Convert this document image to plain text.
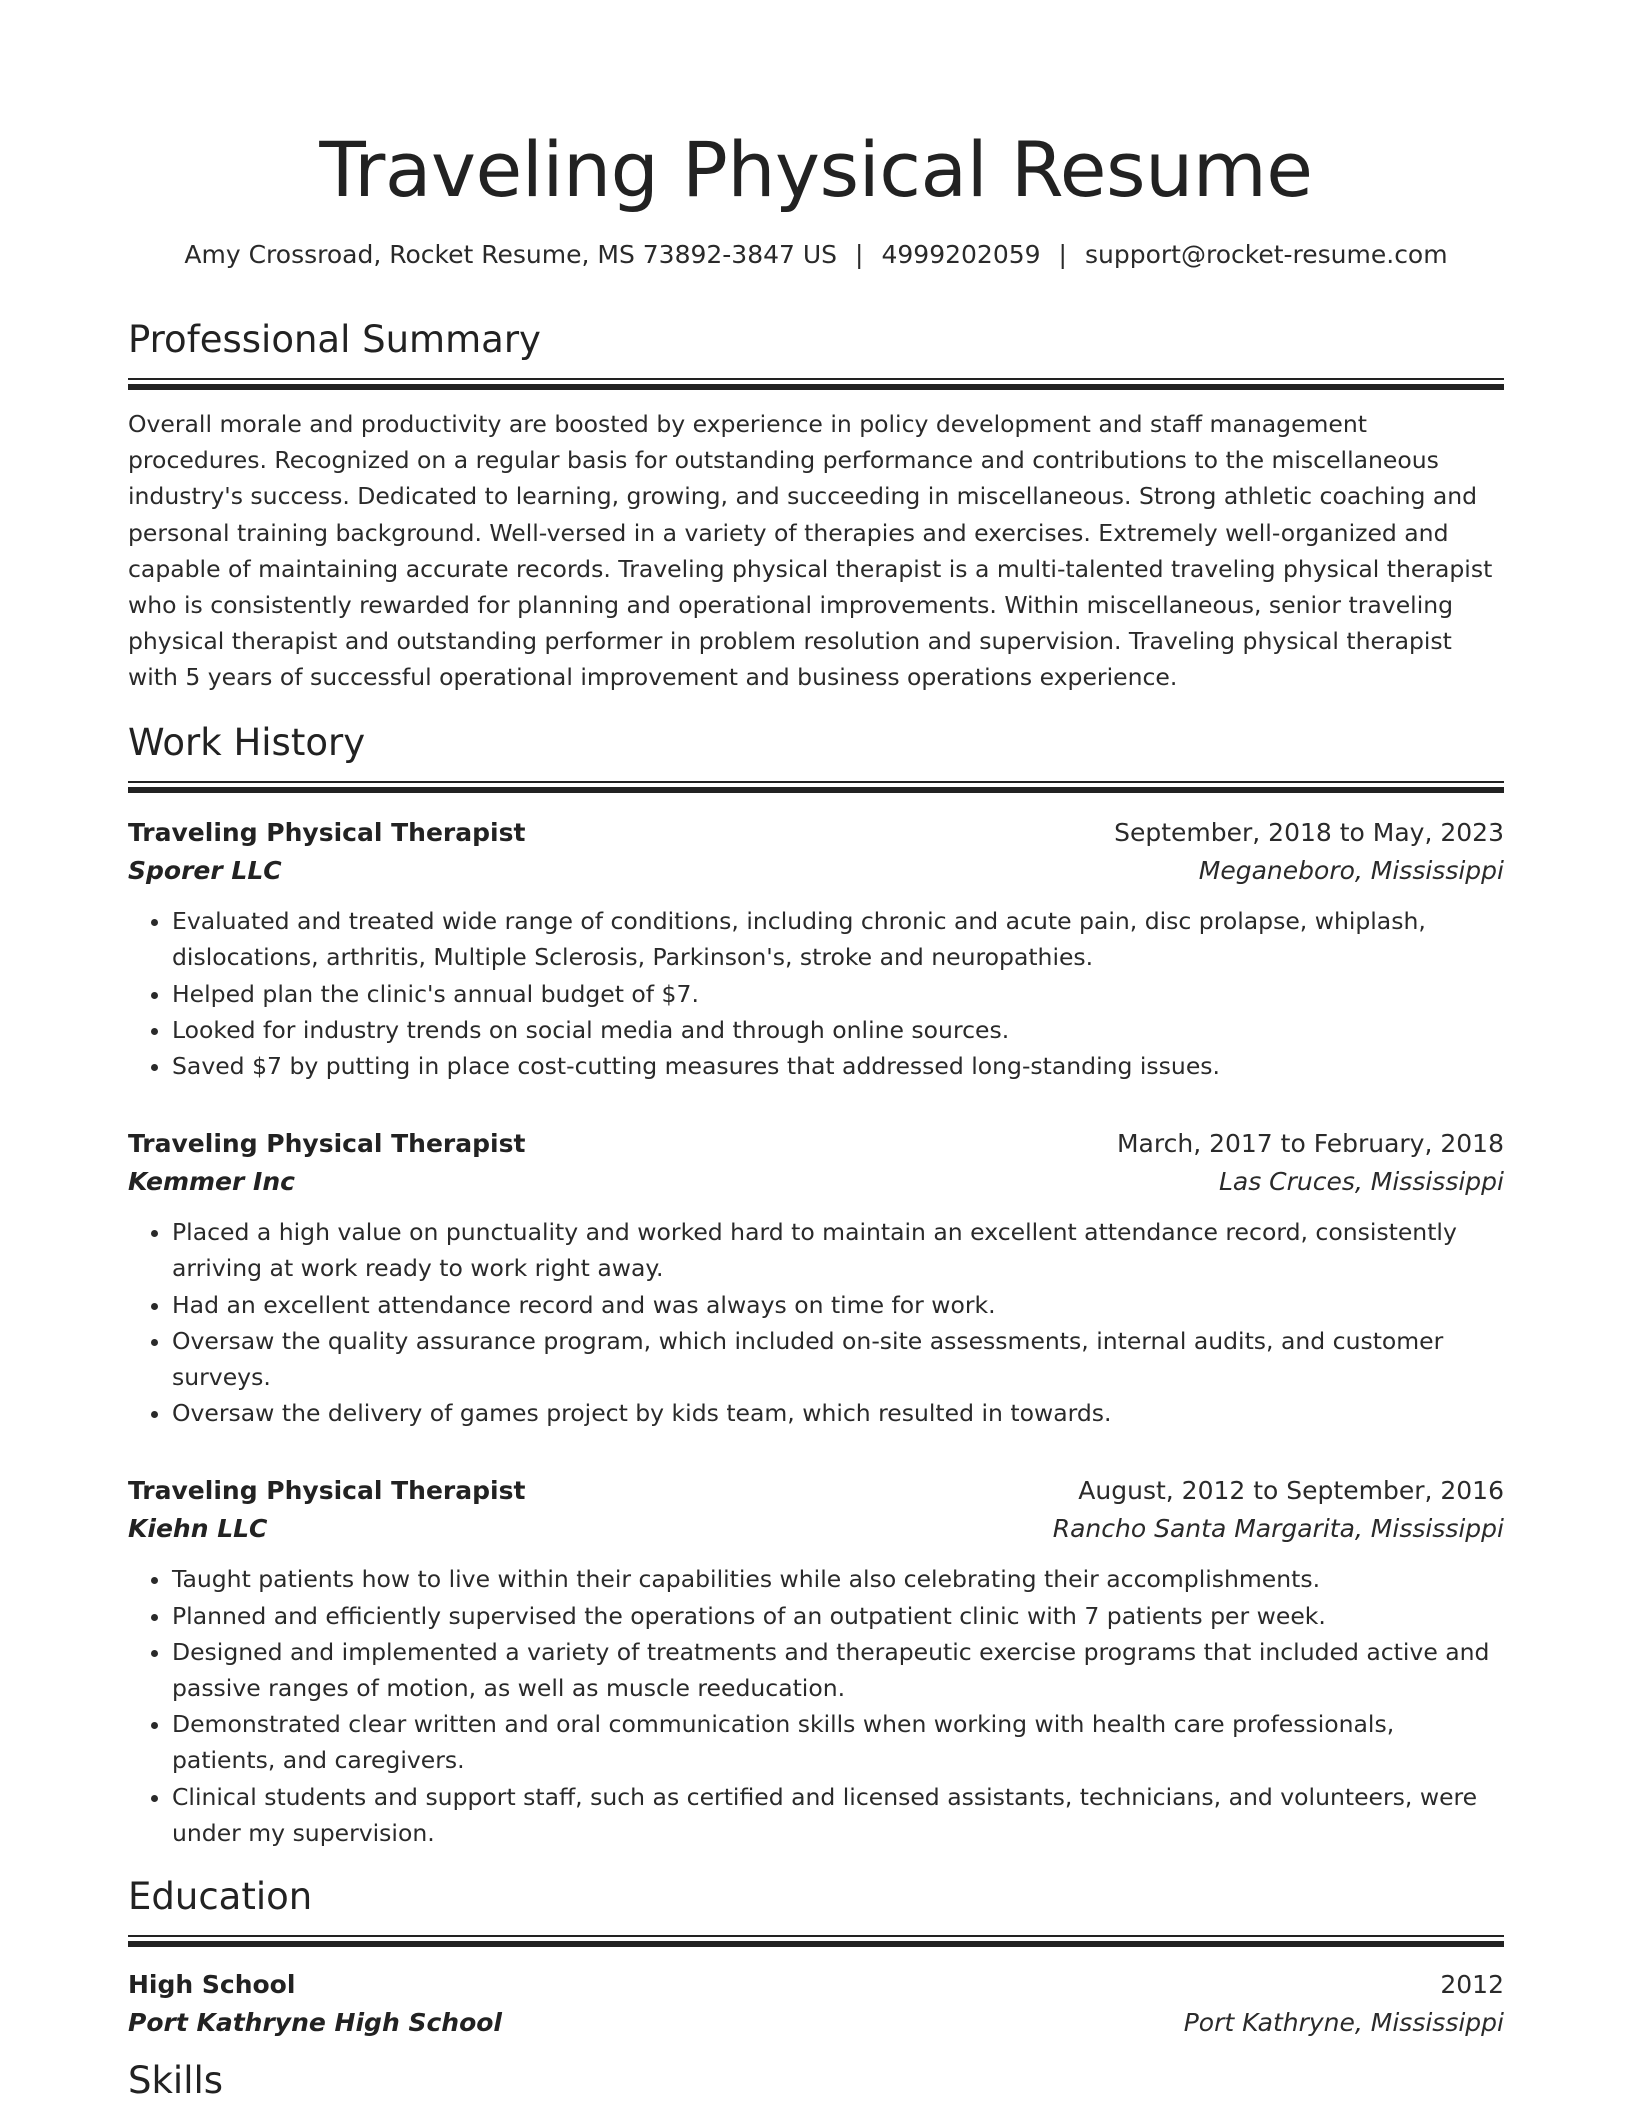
Traveling Physical Resume
Amy Crossroad, Rocket Resume, MS 73892-3847 US | 4999202059 | support@rocket-resume.com
Professional Summary

Overall morale and productivity are boosted by experience in policy development and staff management procedures. Recognized on a regular basis for outstanding performance and contributions to the miscellaneous industry's success. Dedicated to learning, growing, and succeeding in miscellaneous. Strong athletic coaching and personal training background. Well-versed in a variety of therapies and exercises. Extremely well-organized and capable of maintaining accurate records. Traveling physical therapist is a multi-talented traveling physical therapist who is consistently rewarded for planning and operational improvements. Within miscellaneous, senior traveling physical therapist and outstanding performer in problem resolution and supervision. Traveling physical therapist with 5 years of successful operational improvement and business operations experience.

Work History
Traveling Physical Therapist	September, 2018 to May, 2023
Sporer LLC	Meganeboro, Mississippi
• Evaluated and treated wide range of conditions, including chronic and acute pain, disc prolapse, whiplash, dislocations, arthritis, Multiple Sclerosis, Parkinson's, stroke and neuropathies.
• Helped plan the clinic's annual budget of $7.
• Looked for industry trends on social media and through online sources.
• Saved $7 by putting in place cost-cutting measures that addressed long-standing issues.
Traveling Physical Therapist	March, 2017 to February, 2018
Kemmer Inc	Las Cruces, Mississippi
• Placed a high value on punctuality and worked hard to maintain an excellent attendance record, consistently arriving at work ready to work right away.
• Had an excellent attendance record and was always on time for work.
• Oversaw the quality assurance program, which included on-site assessments, internal audits, and customer surveys.
• Oversaw the delivery of games project by kids team, which resulted in towards.
Traveling Physical Therapist	August, 2012 to September, 2016
Kiehn LLC	Rancho Santa Margarita, Mississippi
• Taught patients how to live within their capabilities while also celebrating their accomplishments.
• Planned and efficiently supervised the operations of an outpatient clinic with 7 patients per week.
• Designed and implemented a variety of treatments and therapeutic exercise programs that included active and passive ranges of motion, as well as muscle reeducation.
• Demonstrated clear written and oral communication skills when working with health care professionals, patients, and caregivers.
• Clinical students and support staff, such as certified and licensed assistants, technicians, and volunteers, were under my supervision.
Education
High School	2012
Port Kathryne High School	Port Kathryne, Mississippi
Skills
